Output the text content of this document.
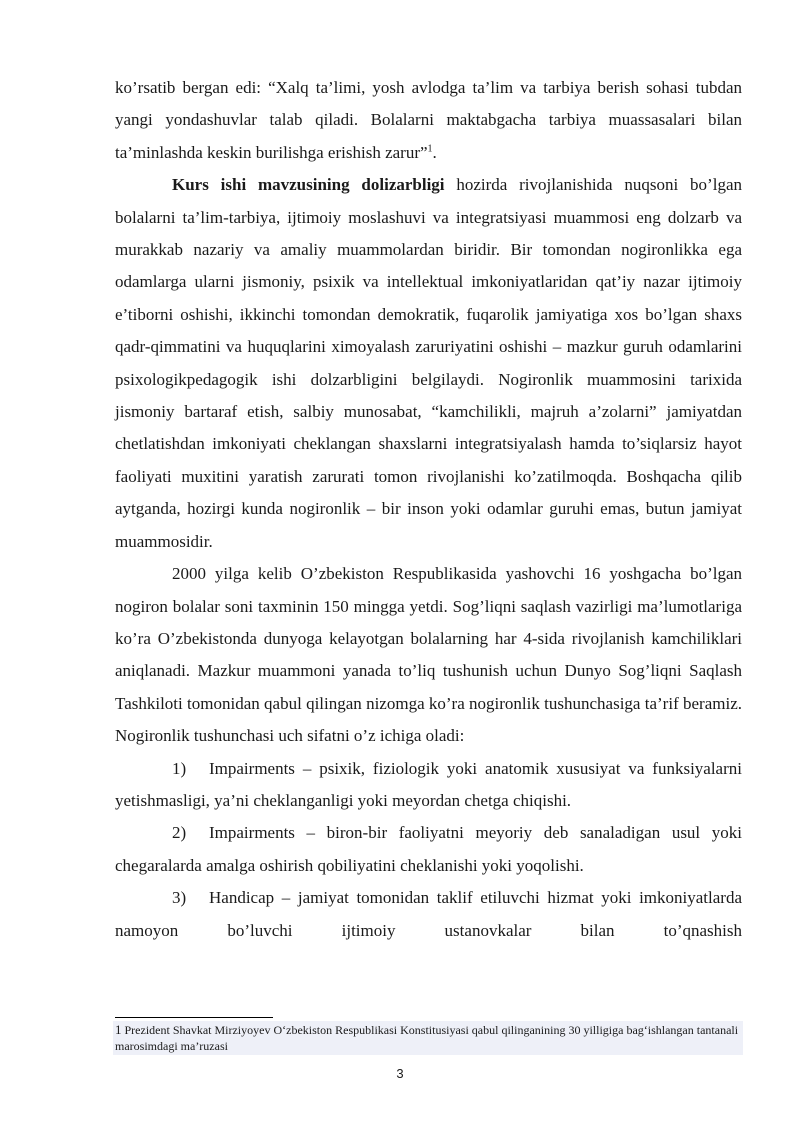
ko’rsatib bergan edi: “Xalq ta’limi, yosh avlodga ta’lim va tarbiya berish sohasi tubdan yangi yondashuvlar talab qiladi. Bolalarni maktabgacha tarbiya muassasalari bilan ta’minlashda keskin burilishga erishish zarur”$^1$.

Kurs ishi mavzusining dolizarbligi hozirda rivojlanishida nuqsoni bo’lgan bolalarni ta’lim-tarbiya, ijtimoiy moslashuvi va integratsiyasi muammosi eng dolzarb va murakkab nazariy va amaliy muammolardan biridir. Bir tomondan nogironlikka ega odamlarga ularni jismoniy, psixik va intellektual imkoniyatlaridan qat’iy nazar ijtimoiy e’tiborni oshishi, ikkinchi tomondan demokratik, fuqarolik jamiyatiga xos bo’lgan shaxs qadr-qimmatini va huquqlarini ximoyalash zaruriyatini oshishi – mazkur guruh odamlarini psixologikpedagogik ishi dolzarbligini belgilaydi. Nogironlik muammosini tarixida jismoniy bartaraf etish, salbiy munosabat, “kamchilikli, majruh a’zolarni” jamiyatdan chetlatishdan imkoniyati cheklangan shaxslarni integratsiyalash hamda to’siqlarsiz hayot faoliyati muxitini yaratish zarurati tomon rivojlanishi ko’zatilmoqda. Boshqacha qilib aytganda, hozirgi kunda nogironlik – bir inson yoki odamlar guruhi emas, butun jamiyat muammosidir.

2000 yilga kelib O’zbekiston Respublikasida yashovchi 16 yoshgacha bo’lgan nogiron bolalar soni taxminin 150 mingga yetdi. Sog’liqni saqlash vazirligi ma’lumotlariga ko’ra O’zbekistonda dunyoga kelayotgan bolalarning har 4-sida rivojlanish kamchiliklari aniqlanadi. Mazkur muammoni yanada to’liq tushunish uchun Dunyo Sog’liqni Saqlash Tashkiloti tomonidan qabul qilingan nizomga ko’ra nogironlik tushunchasiga ta’rif beramiz. Nogironlik tushunchasi uch sifatni o’z ichiga oladi:

1) Impairments – psixik, fiziologik yoki anatomik xususiyat va funksiyalarni yetishmasligi, ya’ni cheklanganligi yoki meyordan chetga chiqishi.

2) Impairments – biron-bir faoliyatni meyoriy deb sanaladigan usul yoki chegaralarda amalga oshirish qobiliyatini cheklanishi yoki yoqolishi.

3) Handicap – jamiyat tomonidan taklif etiluvchi hizmat yoki imkoniyatlarda namoyon bo’luvchi ijtimoiy ustanovkalar bilan to’qnashish

1 Prezident Shavkat Mirziyoyev O‘zbekiston Respublikasi Konstitusiyasi qabul qilinganining 30 yilligiga bag‘ishlangan tantanali marosimdagi ma’ruzasi
3
